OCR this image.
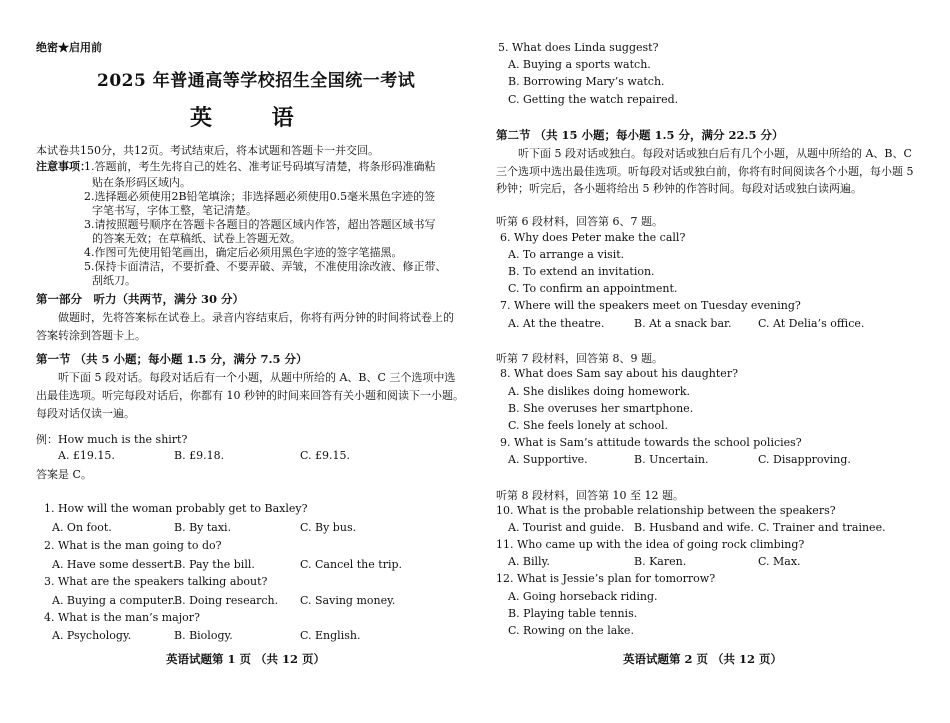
绝密★启用前
2025 年普通高等学校招生全国统一考试
英 语
本试卷共150分，共12页。考试结束后，将本试题和答题卡一并交回。
注意事项：
1.答题前，考生先将自己的姓名、准考证号码填写清楚，将条形码准确粘
贴在条形码区域内。
2.选择题必须使用2B铅笔填涂；非选择题必须使用0.5毫米黑色字迹的签
字笔书写，字体工整，笔记清楚。
3.请按照题号顺序在答题卡各题目的答题区域内作答，超出答题区域书写
的答案无效；在草稿纸、试卷上答题无效。
4.作图可先使用铅笔画出，确定后必须用黑色字迹的签字笔描黑。
5.保持卡面清洁，不要折叠、不要弄破、弄皱，不准使用涂改液、修正带、
刮纸刀。
第一部分　听力（共两节，满分 30 分）
做题时，先将答案标在试卷上。录音内容结束后，你将有两分钟的时间将试卷上的
答案转涂到答题卡上。
第一节 （共 5 小题；每小题 1.5 分，满分 7.5 分）
听下面 5 段对话。每段对话后有一个小题，从题中所给的 A、B、C 三个选项中选
出最佳选项。听完每段对话后，你都有 10 秒钟的时间来回答有关小题和阅读下一小题。
每段对话仅读一遍。
例：How much is the shirt?
A. £19.15.	B. £9.18.	C. £9.15.
答案是 C。
1. How will the woman probably get to Baxley?
A. On foot.	B. By taxi.	C. By bus.
2. What is the man going to do?
A. Have some dessert.
B. Pay the bill.	C. Cancel the trip.
3. What are the speakers talking about?
A. Buying a computer.
B. Doing research. C. Saving money.
4. What is the man’s major?
A. Psychology.	B. Biology.	C. English.
英语试题第 1 页 （共 12 页）
5. What does Linda suggest?
A. Buying a sports watch.
B. Borrowing Mary’s watch.
C. Getting the watch repaired.
第二节 （共 15 小题；每小题 1.5 分，满分 22.5 分）
听下面 5 段对话或独白。每段对话或独白后有几个小题，从题中所给的 A、B、C
三个选项中选出最佳选项。听每段对话或独白前，你将有时间阅读各个小题，每小题 5
秒钟；听完后，各小题将给出 5 秒钟的作答时间。每段对话或独白读两遍。
听第 6 段材料，回答第 6、7 题。
6. Why does Peter make the call?
A. To arrange a visit.
B. To extend an invitation.
C. To confirm an appointment.
7. Where will the speakers meet on Tuesday evening?
A. At the theatre.	B. At a snack bar. C. At Delia’s office.
听第 7 段材料，回答第 8、9 题。
8. What does Sam say about his daughter?
A. She dislikes doing homework.
B. She overuses her smartphone.
C. She feels lonely at school.
9. What is Sam’s attitude towards the school policies?
A. Supportive.	B. Uncertain.	C. Disapproving.
听第 8 段材料，回答第 10 至 12 题。
10. What is the probable relationship between the speakers?
A. Tourist and guide. B. Husband and wife. C. Trainer and trainee.
11. Who came up with the idea of going rock climbing?
A. Billy.	B. Karen.	C. Max.
12. What is Jessie’s plan for tomorrow?
A. Going horseback riding.
B. Playing table tennis.
C. Rowing on the lake.
英语试题第 2 页 （共 12 页）
